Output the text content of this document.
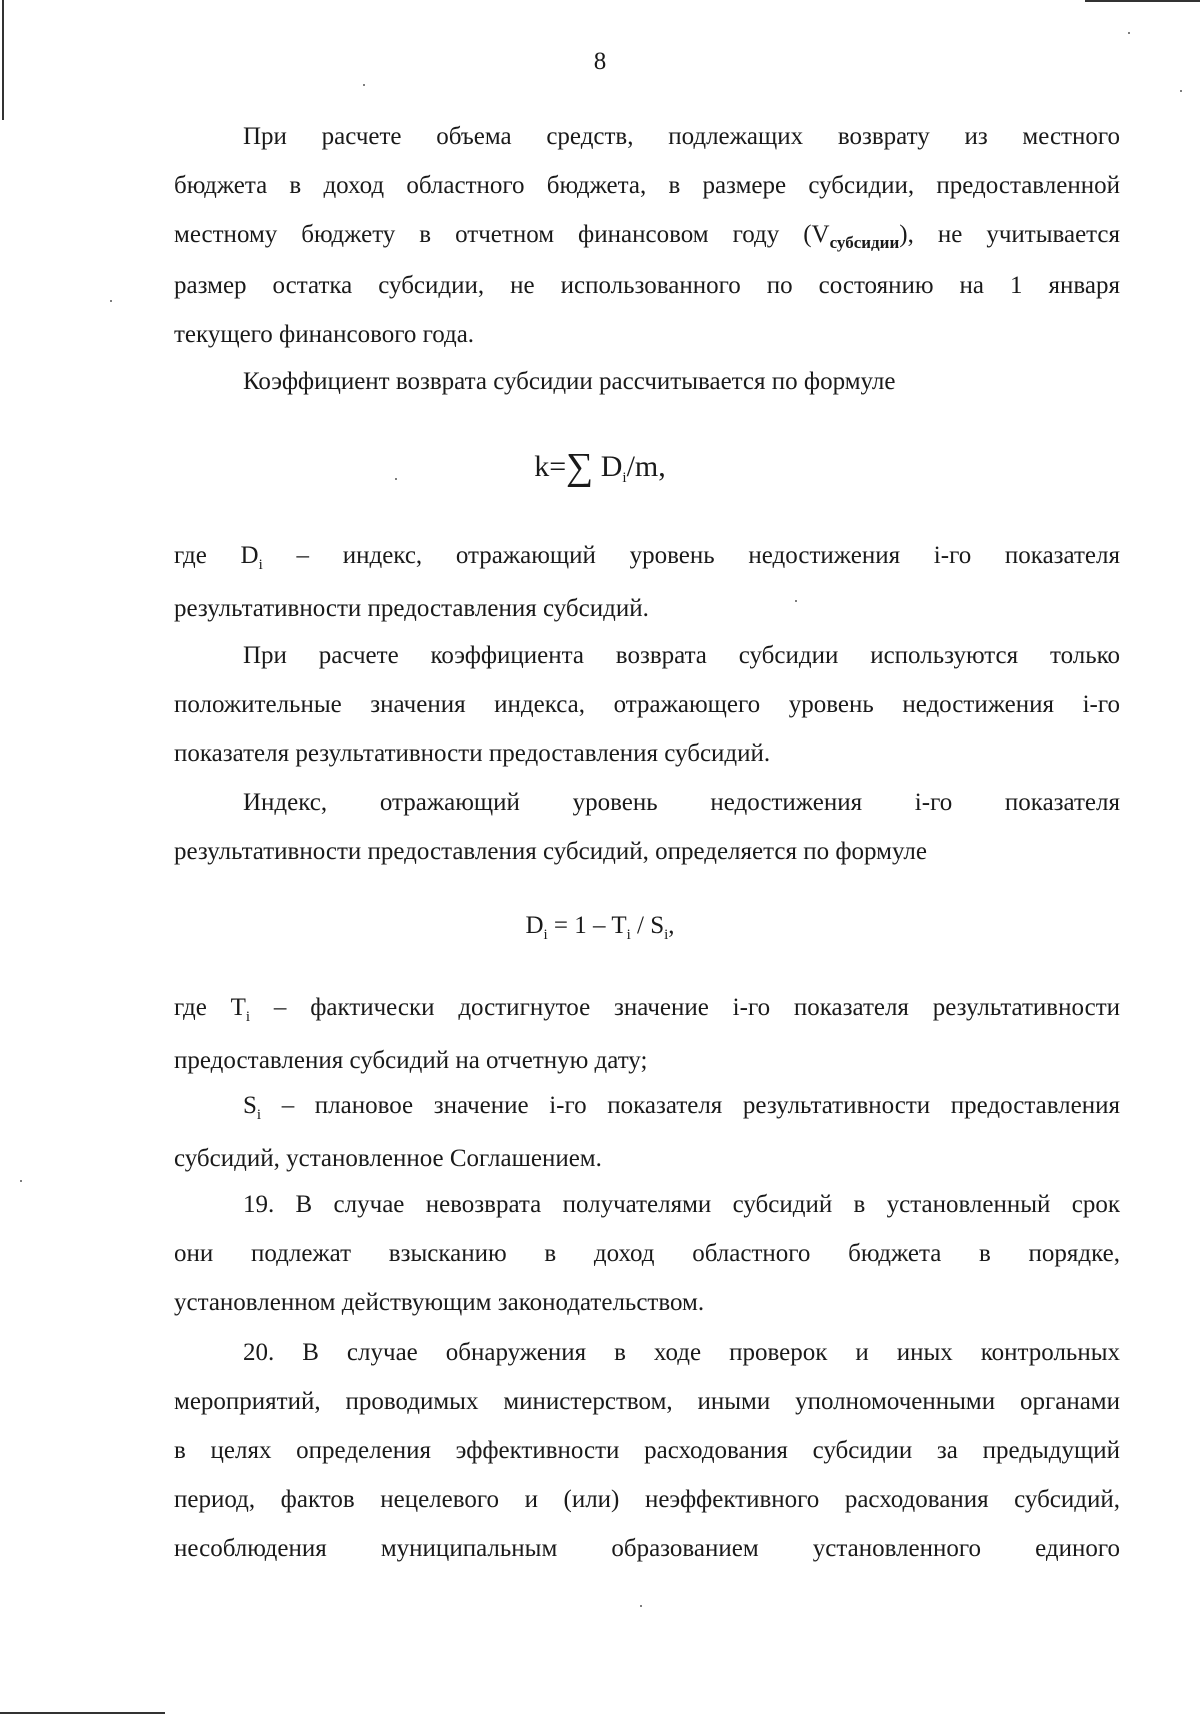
8
При расчете объема средств, подлежащих возврату из местного
бюджета в доход областного бюджета, в размере субсидии, предоставленной
местному бюджету в отчетном финансовом году $(V_{субсидии})$, не учитывается
размер остатка субсидии, не использованного по состоянию на 1 января
текущего финансового года.
Коэффициент возврата субсидии рассчитывается по формуле
k=∑ $D_i/m$,
где $D_i$ – индекс, отражающий уровень недостижения i-го показателя
результативности предоставления субсидий.
При расчете коэффициента возврата субсидии используются только
положительные значения индекса, отражающего уровень недостижения i-го
показателя результативности предоставления субсидий.
Индекс, отражающий уровень недостижения i-го показателя
результативности предоставления субсидий, определяется по формуле
$D_i = 1 - T_i / S_i$,
где $T_i$ – фактически достигнутое значение i-го показателя результативности
предоставления субсидий на отчетную дату;
$S_i$ – плановое значение i-го показателя результативности предоставления
субсидий, установленное Соглашением.
19. В случае невозврата получателями субсидий в установленный срок
они подлежат взысканию в доход областного бюджета в порядке,
установленном действующим законодательством.
20. В случае обнаружения в ходе проверок и иных контрольных
мероприятий, проводимых министерством, иными уполномоченными органами
в целях определения эффективности расходования субсидии за предыдущий
период, фактов нецелевого и (или) неэффективного расходования субсидий,
несоблюдения муниципальным образованием установленного единого
